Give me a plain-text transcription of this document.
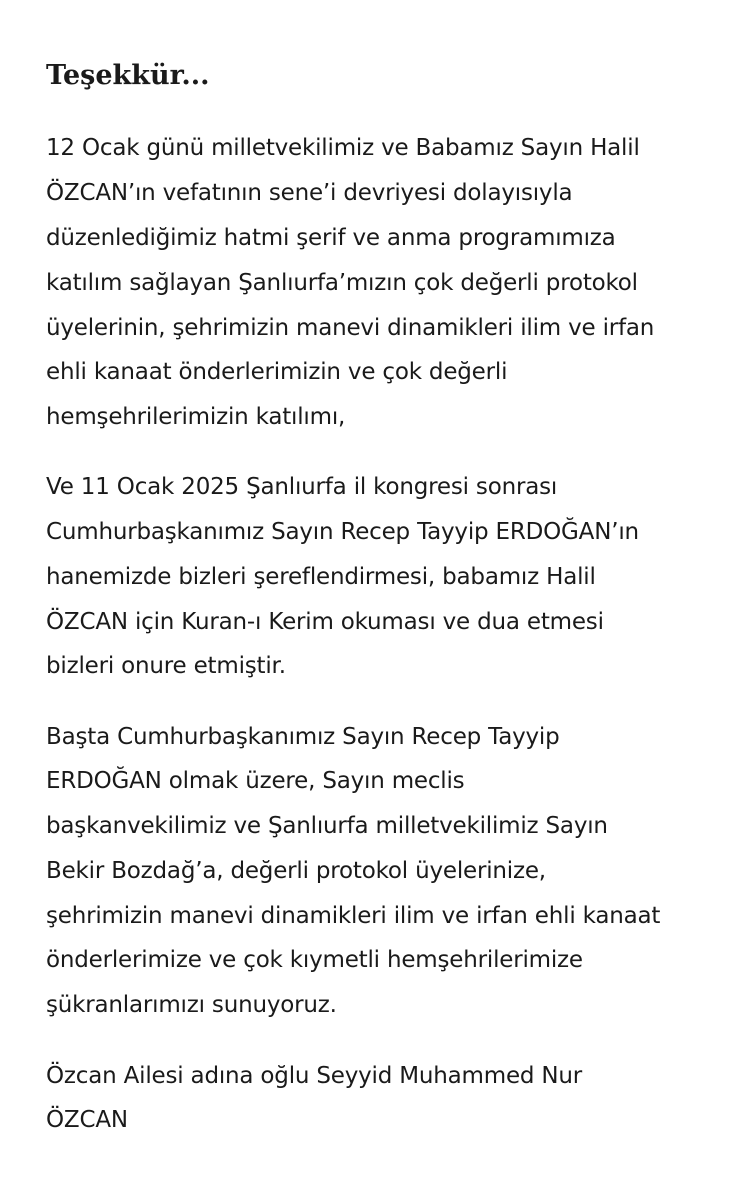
Teşekkür...

12 Ocak günü milletvekilimiz ve Babamız Sayın Halil

ÖZCAN’ın vefatının sene’i devriyesi dolayısıyla

düzenlediğimiz hatmi şerif ve anma programımıza

katılım sağlayan Şanlıurfa’mızın çok değerli protokol

üyelerinin, şehrimizin manevi dinamikleri ilim ve irfan

ehli kanaat önderlerimizin ve çok değerli

hemşehrilerimizin katılımı,

Ve 11 Ocak 2025 Şanlıurfa il kongresi sonrası

Cumhurbaşkanımız Sayın Recep Tayyip ERDOĞAN’ın

hanemizde bizleri şereflendirmesi, babamız Halil

ÖZCAN için Kuran-ı Kerim okuması ve dua etmesi

bizleri onure etmiştir.

Başta Cumhurbaşkanımız Sayın Recep Tayyip

ERDOĞAN olmak üzere, Sayın meclis

başkanvekilimiz ve Şanlıurfa milletvekilimiz Sayın

Bekir Bozdağ’a, değerli protokol üyelerinize,

şehrimizin manevi dinamikleri ilim ve irfan ehli kanaat

önderlerimize ve çok kıymetli hemşehrilerimize

şükranlarımızı sunuyoruz.

Özcan Ailesi adına oğlu Seyyid Muhammed Nur

ÖZCAN
